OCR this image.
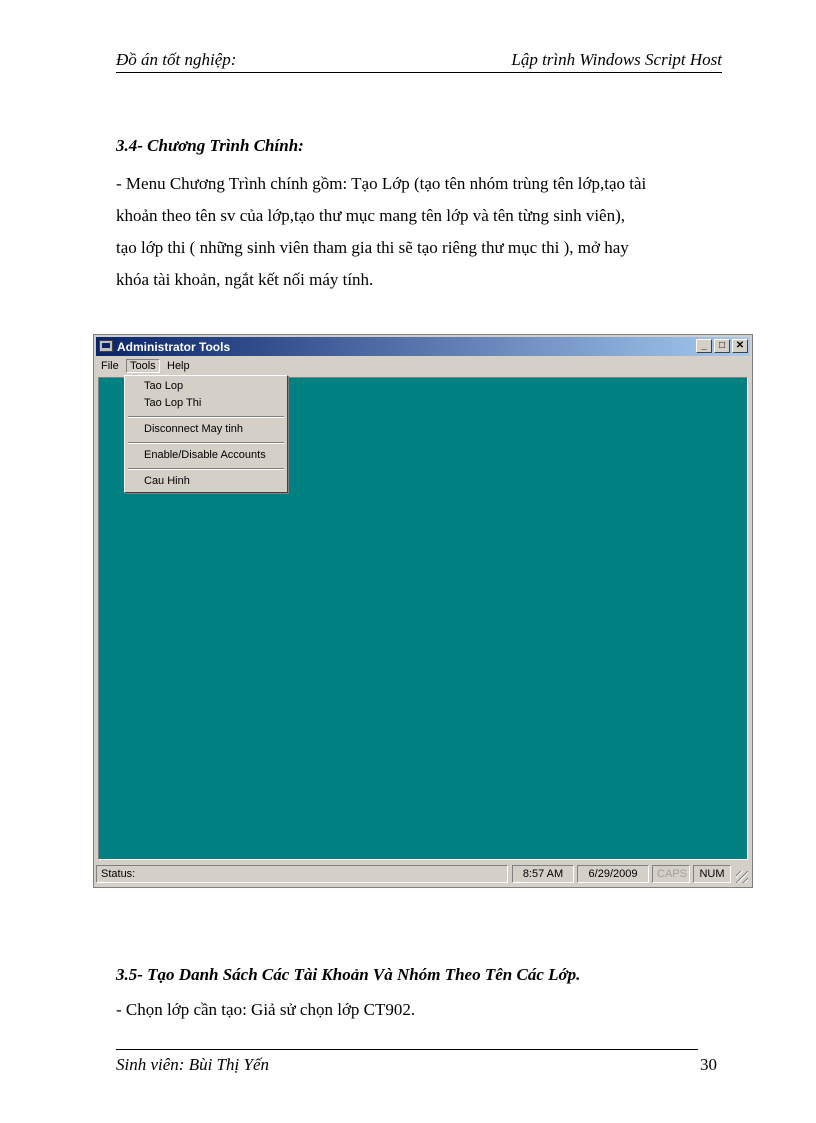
Đồ án tốt nghiệp:	Lập trình Windows Script Host
3.4- Chương Trình Chính:
- Menu Chương Trình chính gồm: Tạo Lớp (tạo tên nhóm trùng tên lớp,tạo tài
khoản theo tên sv của lớp,tạo thư mục mang tên lớp và tên từng sinh viên),
tạo lớp thi ( những sinh viên tham gia thi sẽ tạo riêng thư mục thi ), mở hay
khóa tài khoản, ngắt kết nối máy tính.
Administrator Tools	_	□	✕
File	Tools	Help
Status:	8:57 AM	6/29/2009	CAPS	NUM
Tao Lop
Tao Lop Thi
Disconnect May tinh
Enable/Disable Accounts
Cau Hinh
3.5- Tạo Danh Sách Các Tài Khoản Và Nhóm Theo Tên Các Lớp.
- Chọn lớp cần tạo: Giả sử chọn lớp CT902.
Sinh viên: Bùi Thị Yến	30
